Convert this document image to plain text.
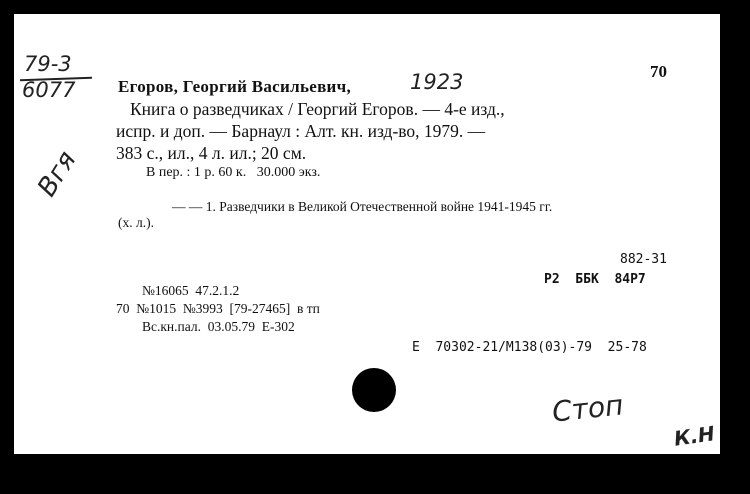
79-3
6077
70
Егоров, Георгий Васильевич,	1923
Книга о разведчиках / Георгий Егоров. — 4-е изд.,
испр. и доп. — Барнаул : Алт. кн. изд-во, 1979. —
383 с., ил., 4 л. ил.; 20 см.
В пер. : 1 р. 60 к.   30.000 экз.
Вгя
— — 1. Разведчики в Великой Отечественной войне 1941-1945 гг.
(х. л.).
882-31
Р2  ББК  84Р7
№16065  47.2.1.2
70  №1015  №3993  [79-27465]  в тп
Вс.кн.пал.  03.05.79  Е-302
Е  70302-21/М138(03)-79  25-78
Стоп
К.Н
